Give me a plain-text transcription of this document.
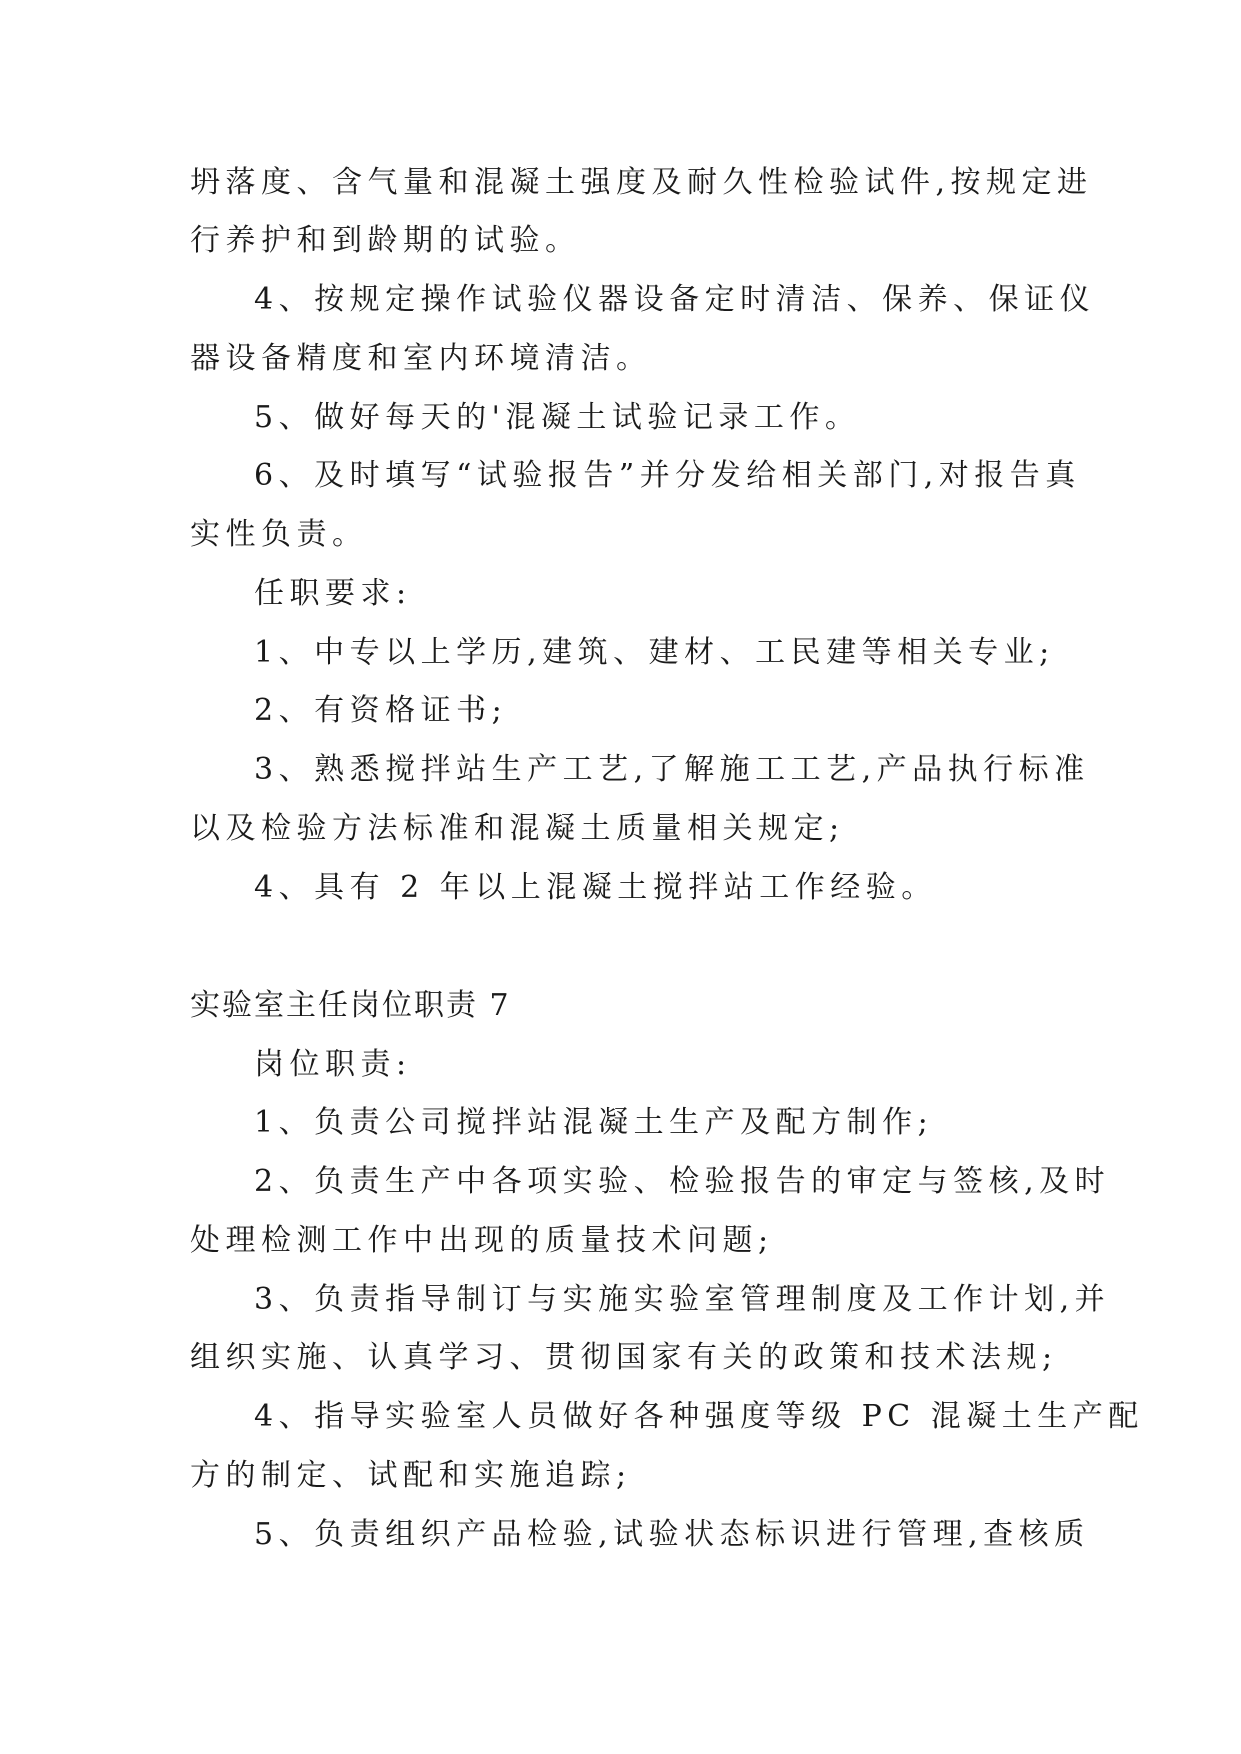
坍落度、含气量和混凝土强度及耐久性检验试件,按规定进
行养护和到龄期的试验。
4、按规定操作试验仪器设备定时清洁、保养、保证仪
器设备精度和室内环境清洁。
5、做好每天的'混凝土试验记录工作。
6、及时填写“试验报告”并分发给相关部门,对报告真
实性负责。
任职要求:
1、中专以上学历,建筑、建材、工民建等相关专业;
2、有资格证书;
3、熟悉搅拌站生产工艺,了解施工工艺,产品执行标准
以及检验方法标准和混凝土质量相关规定;
4、具有 2 年以上混凝土搅拌站工作经验。
实验室主任岗位职责 7
岗位职责:
1、负责公司搅拌站混凝土生产及配方制作;
2、负责生产中各项实验、检验报告的审定与签核,及时
处理检测工作中出现的质量技术问题;
3、负责指导制订与实施实验室管理制度及工作计划,并
组织实施、认真学习、贯彻国家有关的政策和技术法规;
4、指导实验室人员做好各种强度等级 PC 混凝土生产配
方的制定、试配和实施追踪;
5、负责组织产品检验,试验状态标识进行管理,查核质
